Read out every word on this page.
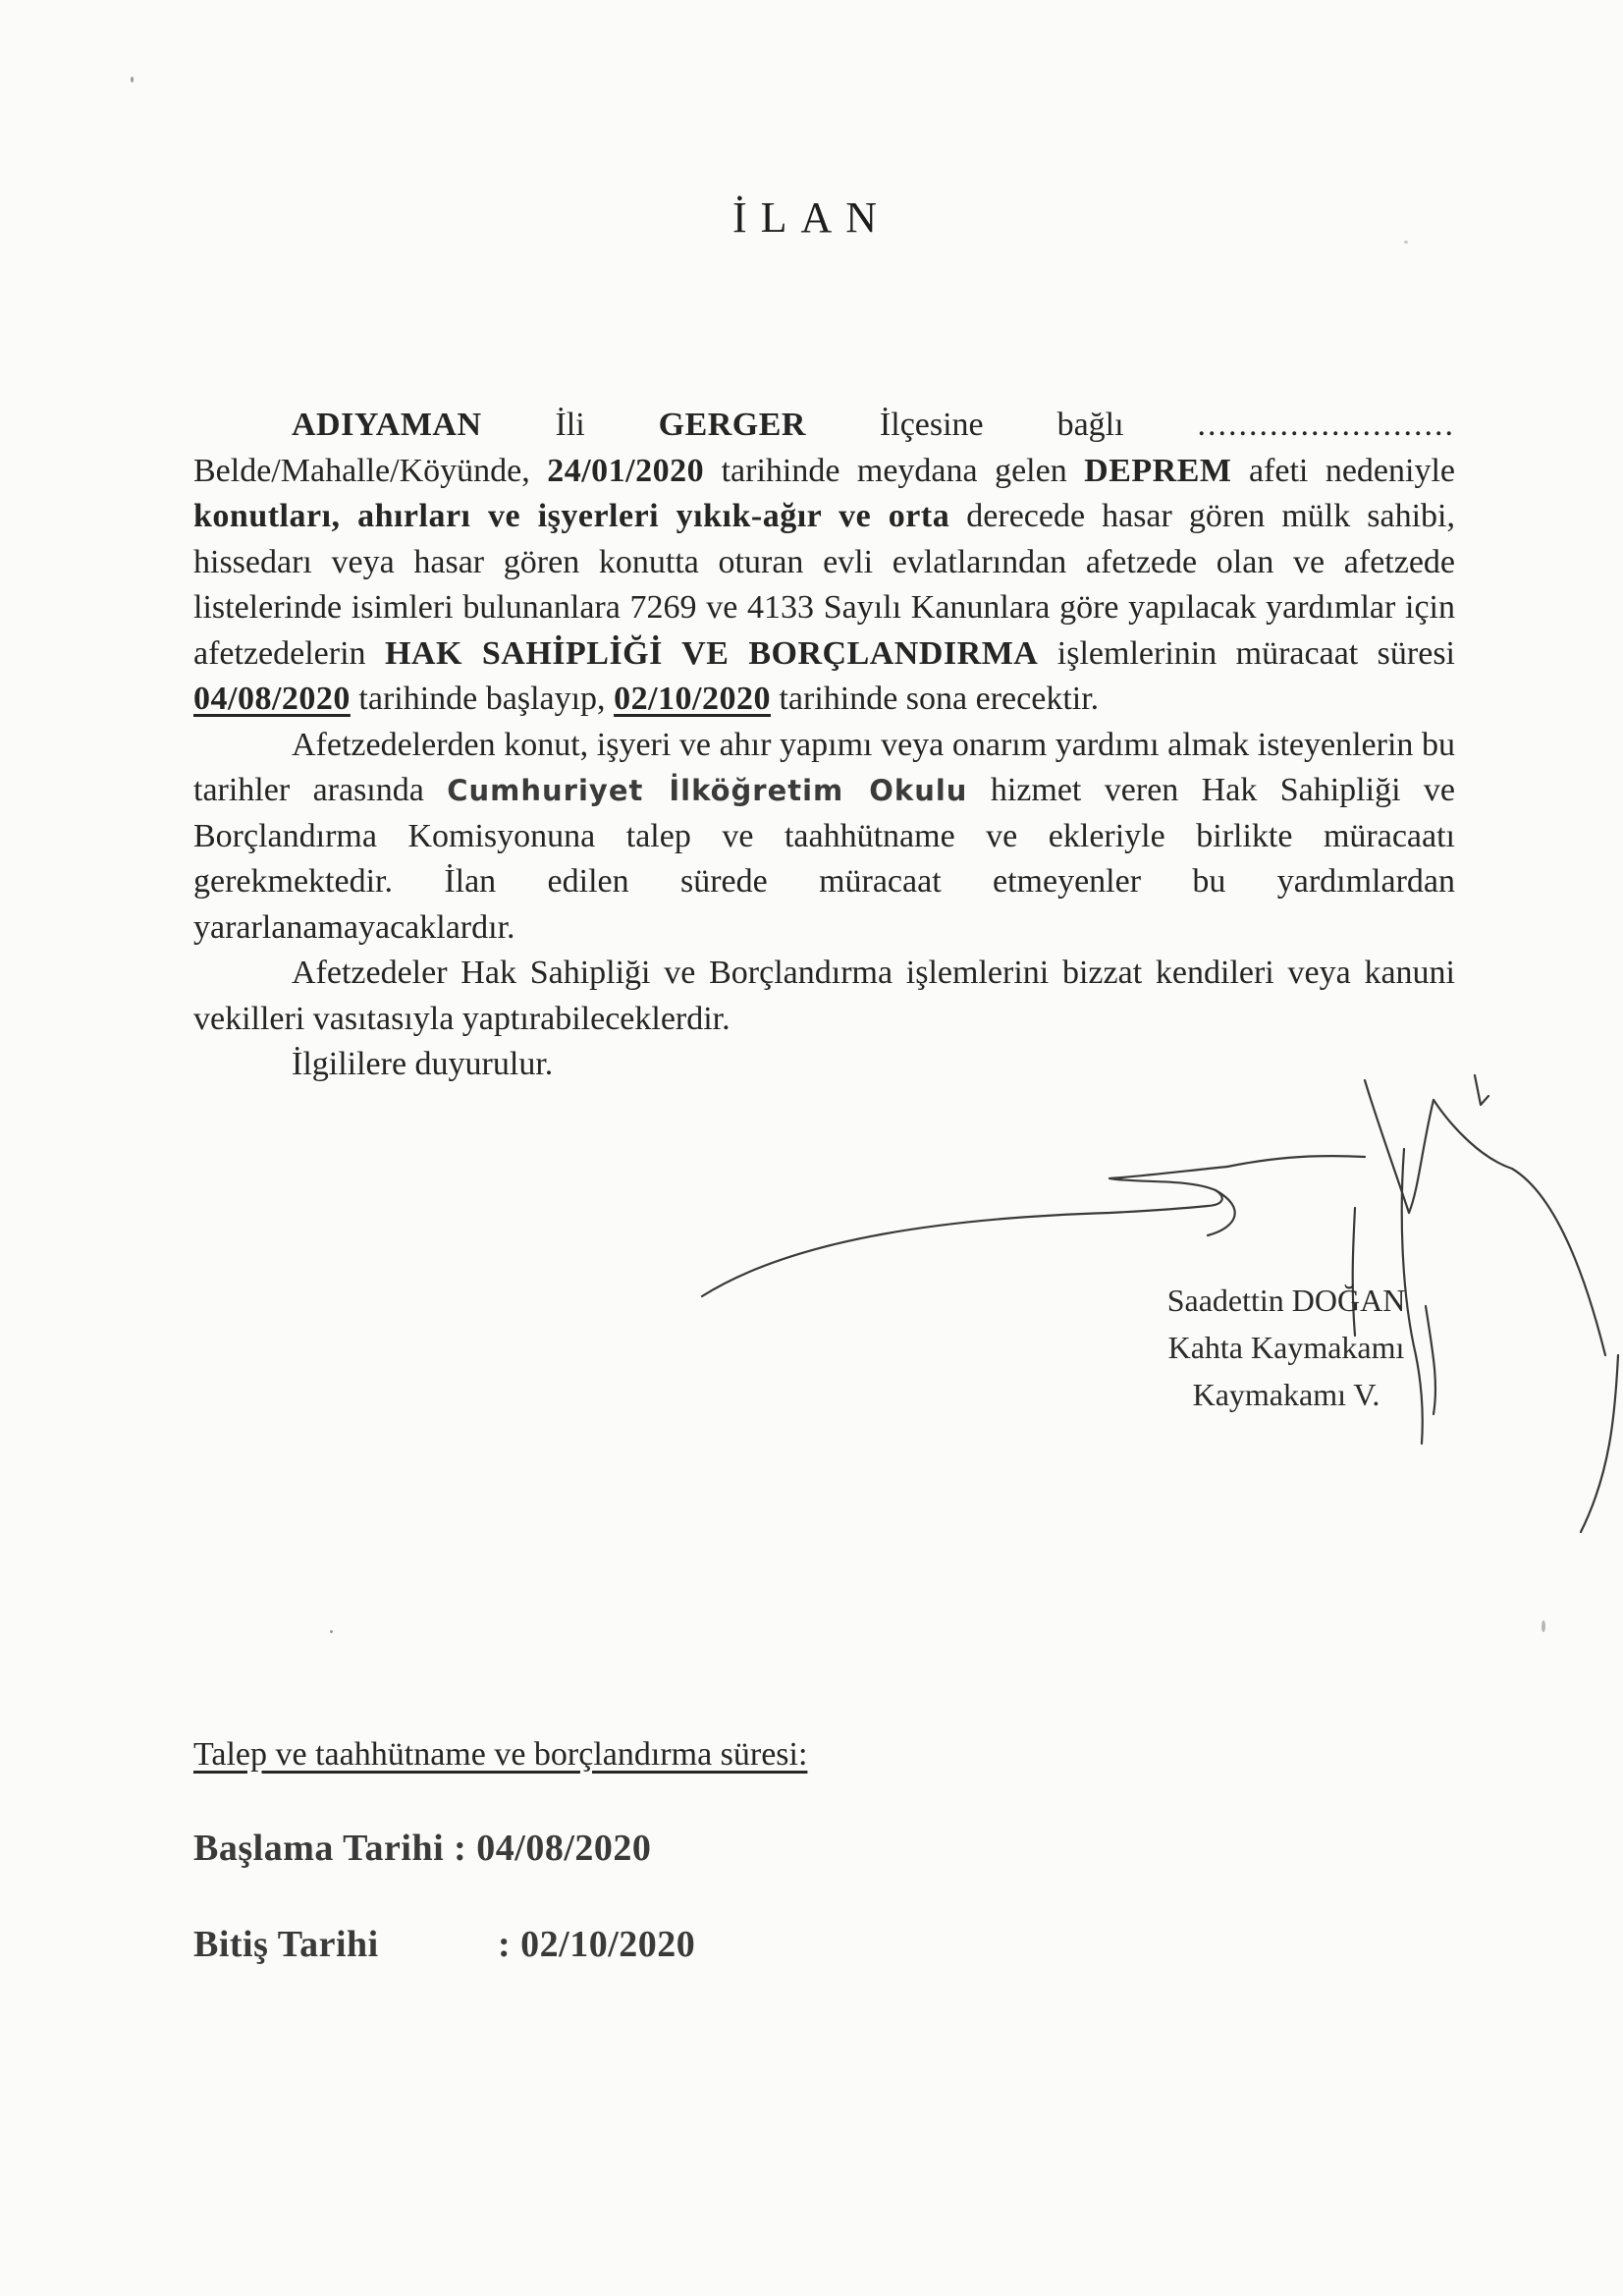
İLAN

ADIYAMAN İli GERGER İlçesine bağlı ......................... Belde/Mahalle/Köyünde, 24/01/2020 tarihinde meydana gelen DEPREM afeti nedeniyle konutları, ahırları ve işyerleri yıkık-ağır ve orta derecede hasar gören mülk sahibi, hissedarı veya hasar gören konutta oturan evli evlatlarından afetzede olan ve afetzede listelerinde isimleri bulunanlara 7269 ve 4133 Sayılı Kanunlara göre yapılacak yardımlar için afetzedelerin HAK SAHİPLİĞİ VE BORÇLANDIRMA işlemlerinin müracaat süresi 04/08/2020 tarihinde başlayıp, 02/10/2020 tarihinde sona erecektir.

Afetzedelerden konut, işyeri ve ahır yapımı veya onarım yardımı almak isteyenlerin bu tarihler arasında Cumhuriyet İlköğretim Okulu hizmet veren Hak Sahipliği ve Borçlandırma Komisyonuna talep ve taahhütname ve ekleriyle birlikte müracaatı gerekmektedir. İlan edilen sürede müracaat etmeyenler bu yardımlardan yararlanamayacaklardır.

Afetzedeler Hak Sahipliği ve Borçlandırma işlemlerini bizzat kendileri veya kanuni vekilleri vasıtasıyla yaptırabileceklerdir.

İlgililere duyurulur.

Saadettin DOĞAN
Kahta Kaymakamı
Kaymakamı V.
Talep ve taahhütname ve borçlandırma süresi:
Başlama Tarihi : 04/08/2020
Bitiş Tarihi	: 02/10/2020
